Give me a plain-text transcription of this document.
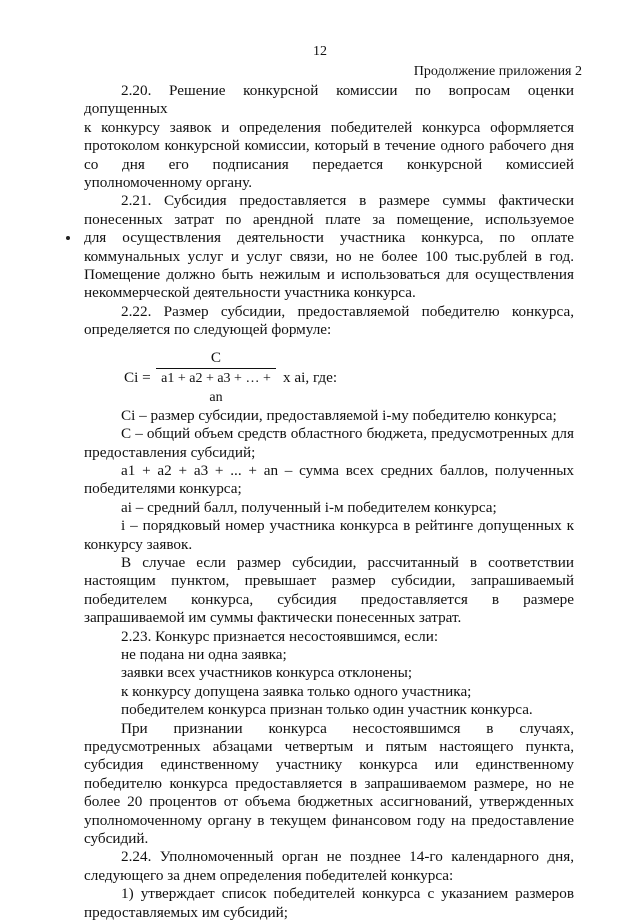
12
Продолжение приложения 2

2.20. Решение конкурсной комиссии по вопросам оценки допущенных

к конкурсу заявок и определения победителей конкурса оформляется

протоколом конкурсной комиссии, который в течение одного рабочего дня

со дня его подписания передается конкурсной комиссией

уполномоченному органу.

2.21. Субсидия предоставляется в размере суммы фактически

понесенных затрат по арендной плате за помещение, используемое

для осуществления деятельности участника конкурса, по оплате

коммунальных услуг и услуг связи, но не более 100 тыс.рублей в год.

Помещение должно быть нежилым и использоваться для осуществления

некоммерческой деятельности участника конкурса.

2.22. Размер субсидии, предоставляемой победителю конкурса,

определяется по следующей формуле:

$Ci = \frac{C}{a1 + a2 + a3 + \dots + an}$ x ai, где:

Ci – размер субсидии, предоставляемой i-му победителю конкурса;

C – общий объем средств областного бюджета, предусмотренных для предоставления субсидий;

a1 + a2 + a3 + ... + an – сумма всех средних баллов, полученных победителями конкурса;

ai – средний балл, полученный i-м победителем конкурса;

i – порядковый номер участника конкурса в рейтинге допущенных к конкурсу заявок.

В случае если размер субсидии, рассчитанный в соответствии настоящим пунктом, превышает размер субсидии, запрашиваемый победителем конкурса, субсидия предоставляется в размере запрашиваемой им суммы фактически понесенных затрат.

2.23. Конкурс признается несостоявшимся, если:

не подана ни одна заявка;

заявки всех участников конкурса отклонены;

к конкурсу допущена заявка только одного участника;

победителем конкурса признан только один участник конкурса.

При признании конкурса несостоявшимся в случаях, предусмотренных абзацами четвертым и пятым настоящего пункта, субсидия единственному участнику конкурса или единственному победителю конкурса предоставляется в запрашиваемом размере, но не более 20 процентов от объема бюджетных ассигнований, утвержденных уполномоченному органу в текущем финансовом году на предоставление субсидий.

2.24. Уполномоченный орган не позднее 14-го календарного дня, следующего за днем определения победителей конкурса:

1) утверждает список победителей конкурса с указанием размеров предоставляемых им субсидий;
